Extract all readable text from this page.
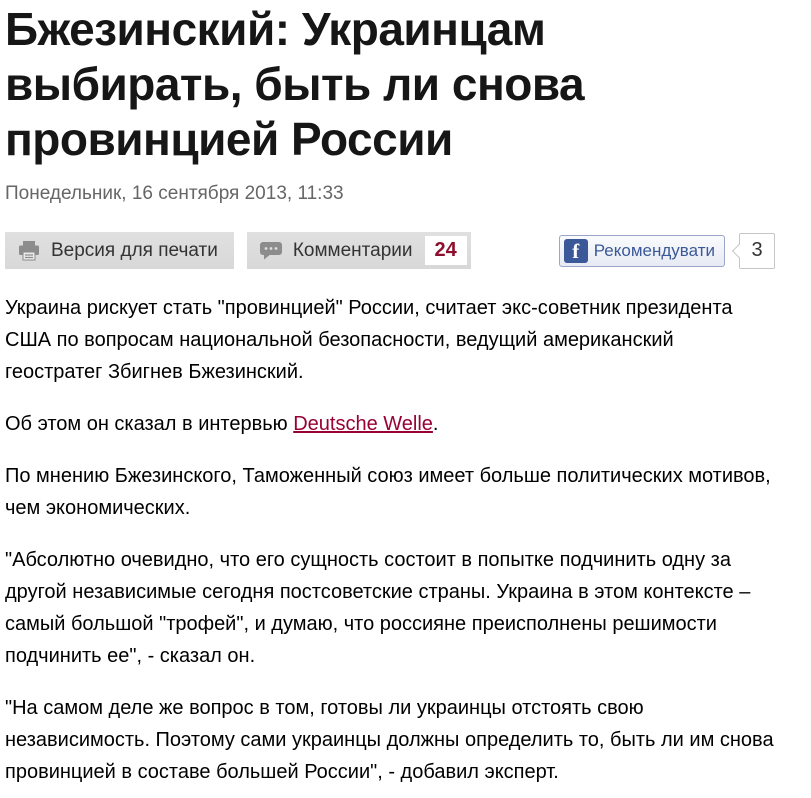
Бжезинский: Украинцам выбирать, быть ли снова провинцией России
Понедельник, 16 сентября 2013, 11:33
Версия для печати	Комментарии	24	f Рекомендувати	3

Украина рискует стать "провинцией" России, считает экс-советник президента США по вопросам национальной безопасности, ведущий американский геостратег Збигнев Бжезинский.

Об этом он сказал в интервью Deutsche Welle.

По мнению Бжезинского, Таможенный союз имеет больше политических мотивов, чем экономических.

"Абсолютно очевидно, что его сущность состоит в попытке подчинить одну за другой независимые сегодня постсоветские страны. Украина в этом контексте – самый большой "трофей", и думаю, что россияне преисполнены решимости подчинить ее", - сказал он.

"На самом деле же вопрос в том, готовы ли украинцы отстоять свою независимость. Поэтому сами украинцы должны определить то, быть ли им снова провинцией в составе большей России", - добавил эксперт.
